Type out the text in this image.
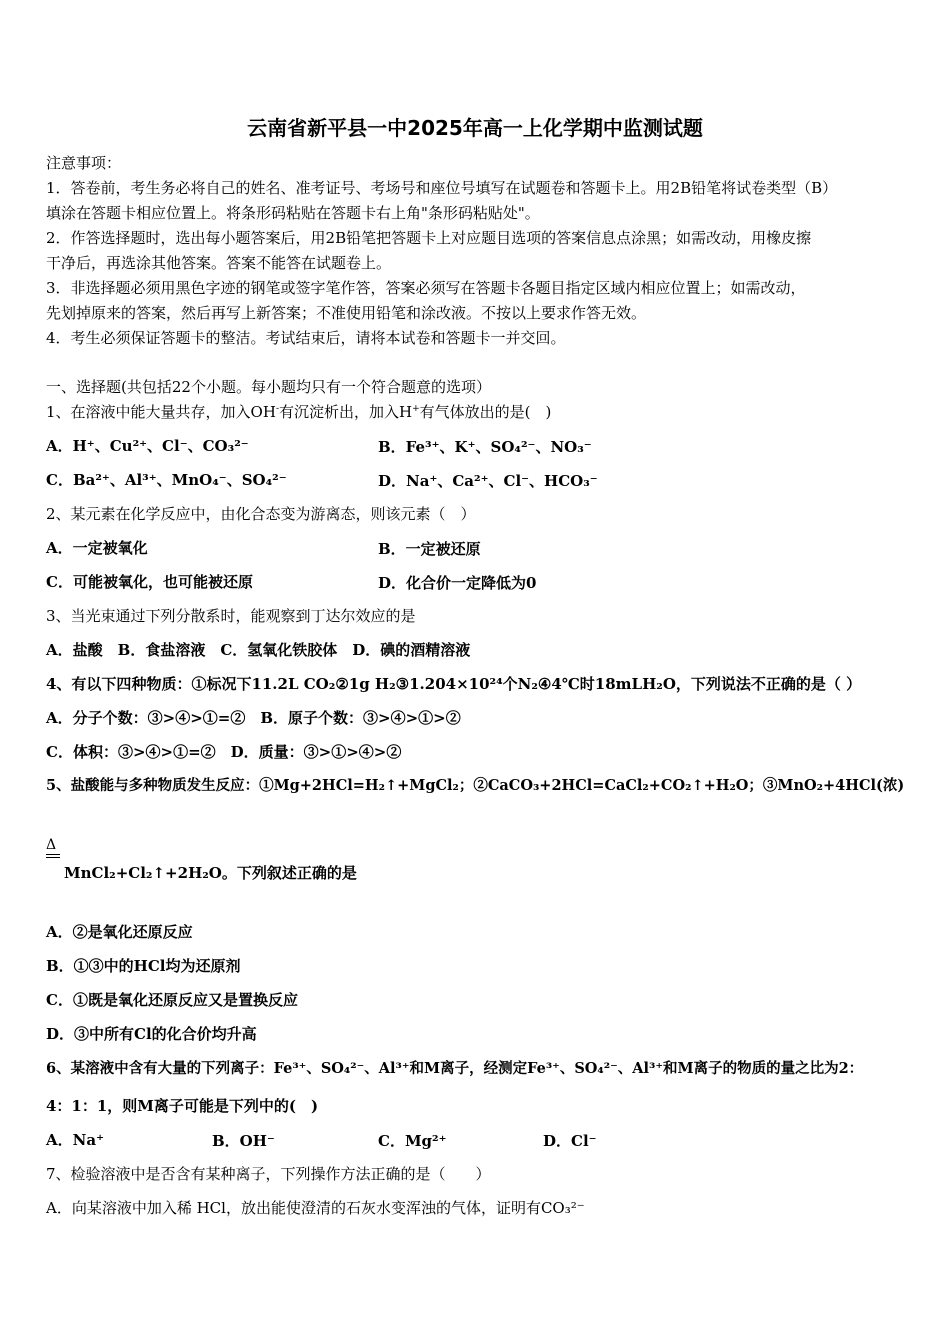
云南省新平县一中2025年高一上化学期中监测试题
注意事项：
1．答卷前，考生务必将自己的姓名、准考证号、考场号和座位号填写在试题卷和答题卡上。用2B铅笔将试卷类型（B）
填涂在答题卡相应位置上。将条形码粘贴在答题卡右上角"条形码粘贴处"。
2．作答选择题时，选出每小题答案后，用2B铅笔把答题卡上对应题目选项的答案信息点涂黑；如需改动，用橡皮擦
干净后，再选涂其他答案。答案不能答在试题卷上。
3．非选择题必须用黑色字迹的钢笔或签字笔作答，答案必须写在答题卡各题目指定区域内相应位置上；如需改动，
先划掉原来的答案，然后再写上新答案；不准使用铅笔和涂改液。不按以上要求作答无效。
4．考生必须保证答题卡的整洁。考试结束后，请将本试卷和答题卡一并交回。
一、选择题(共包括22个小题。每小题均只有一个符合题意的选项）
1、在溶液中能大量共存，加入OH-有沉淀析出，加入H+有气体放出的是(　)
A．H⁺、Cu²⁺、Cl⁻、CO₃²⁻	B．Fe³⁺、K⁺、SO₄²⁻、NO₃⁻
C．Ba²⁺、Al³⁺、MnO₄⁻、SO₄²⁻	D．Na⁺、Ca²⁺、Cl⁻、HCO₃⁻
2、某元素在化学反应中，由化合态变为游离态，则该元素（　）
A．一定被氧化	B．一定被还原
C．可能被氧化，也可能被还原	D．化合价一定降低为0
3、当光束通过下列分散系时，能观察到丁达尔效应的是
A．盐酸　B．食盐溶液　C．氢氧化铁胶体　D．碘的酒精溶液
4、有以下四种物质：①标况下11.2L CO₂②1g H₂③1.204×10²⁴个N₂④4℃时18mLH₂O，下列说法不正确的是（ ）
A．分子个数：③>④>①=②　B．原子个数：③>④>①>②
C．体积：③>④>①=②　D．质量：③>①>④>②
5、盐酸能与多种物质发生反应：①Mg+2HCl=H₂↑+MgCl₂；②CaCO₃+2HCl=CaCl₂+CO₂↑+H₂O；③MnO₂+4HCl(浓)
Δ
MnCl₂+Cl₂↑+2H₂O。下列叙述正确的是
A．②是氧化还原反应
B．①③中的HCl均为还原剂
C．①既是氧化还原反应又是置换反应
D．③中所有Cl的化合价均升高
6、某溶液中含有大量的下列离子：Fe³⁺、SO₄²⁻、Al³⁺和M离子，经测定Fe³⁺、SO₄²⁻、Al³⁺和M离子的物质的量之比为2：
4：1：1，则M离子可能是下列中的(　)
A．Na⁺	B．OH⁻	C．Mg²⁺	D．Cl⁻
7、检验溶液中是否含有某种离子，下列操作方法正确的是（　　）
A．向某溶液中加入稀 HCl，放出能使澄清的石灰水变浑浊的气体，证明有CO₃²⁻
